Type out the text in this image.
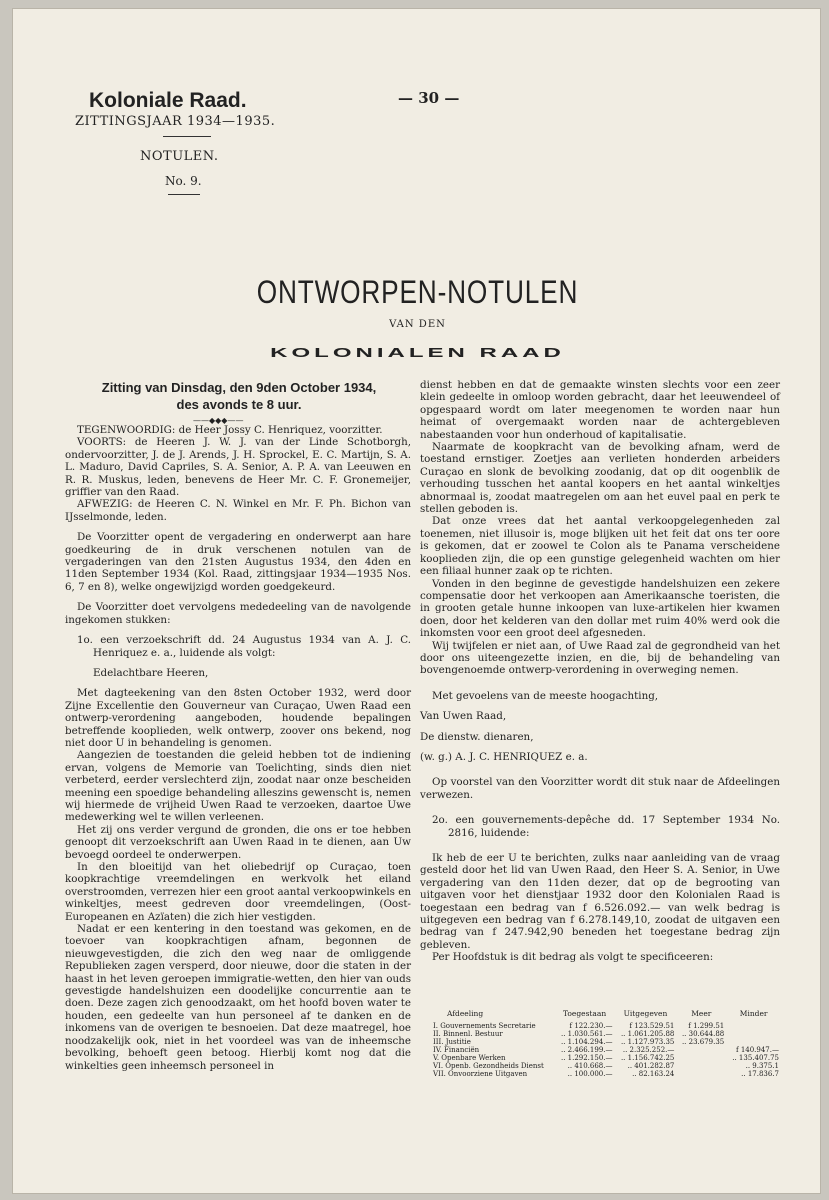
Koloniale Raad.
ZITTINGSJAAR 1934—1935.
NOTULEN.
No. 9.
— 30 —
ONTWORPEN-NOTULEN
VAN DEN
KOLONIALEN RAAD
Zitting van Dinsdag, den 9den October 1934,
des avonds te 8 uur.
——◆◆◆——

TEGENWOORDIG: de Heer Jossy C. Henriquez, voorzitter.

VOORTS: de Heeren J. W. J. van der Linde Schotborgh, ondervoorzitter, J. de J. Arends, J. H. Sprockel, E. C. Martijn, S. A. L. Maduro, David Capriles, S. A. Senior, A. P. A. van Leeuwen en R. R. Muskus, leden, benevens de Heer Mr. C. F. Gronemeijer, griffier van den Raad.

AFWEZIG: de Heeren C. N. Winkel en Mr. F. Ph. Bichon van IJsselmonde, leden.

De Voorzitter opent de vergadering en onderwerpt aan hare goedkeuring de in druk verschenen notulen van de vergaderingen van den 21sten Augustus 1934, den 4den en 11den September 1934 (Kol. Raad, zittingsjaar 1934—1935 Nos. 6, 7 en 8), welke ongewijzigd worden goedgekeurd.

De Voorzitter doet vervolgens mededeeling van de navolgende ingekomen stukken:

1o. een verzoekschrift dd. 24 Augustus 1934 van A. J. C. Henriquez e. a., luidende als volgt:

Edelachtbare Heeren,

Met dagteekening van den 8sten October 1932, werd door Zijne Excellentie den Gouverneur van Curaçao, Uwen Raad een ontwerp-verordening aangeboden, houdende bepalingen betreffende kooplieden, welk ontwerp, zoover ons bekend, nog niet door U in behandeling is genomen.

Aangezien de toestanden die geleid hebben tot de indiening ervan, volgens de Memorie van Toelichting, sinds dien niet verbeterd, eerder verslechterd zijn, zoodat naar onze bescheiden meening een spoedige behandeling alleszins gewenscht is, nemen wij hiermede de vrijheid Uwen Raad te verzoeken, daartoe Uwe medewerking wel te willen verleenen.

Het zij ons verder vergund de gronden, die ons er toe hebben genoopt dit verzoekschrift aan Uwen Raad in te dienen, aan Uw bevoegd oordeel te onderwerpen.

In den bloeitijd van het oliebedrijf op Curaçao, toen koopkrachtige vreemdelingen en werkvolk het eiland overstroomden, verrezen hier een groot aantal verkoopwinkels en winkeltjes, meest gedreven door vreemdelingen, (Oost-Europeanen en Azïaten) die zich hier vestigden.

Nadat er een kentering in den toestand was gekomen, en de toevoer van koopkrachtigen afnam, begonnen de nieuwgevestigden, die zich den weg naar de omliggende Republieken zagen versperd, door nieuwe, door die staten in der haast in het leven geroepen immigratie-wetten, den hier van ouds gevestigde handelshuizen een doodelijke concurrentie aan te doen. Deze zagen zich genoodzaakt, om het hoofd boven water te houden, een gedeelte van hun personeel af te danken en de inkomens van de overigen te besnoeien. Dat deze maatregel, hoe noodzakelijk ook, niet in het voordeel was van de inheemsche bevolking, behoeft geen betoog. Hierbij komt nog dat die winkelties geen inheemsch personeel in

dienst hebben en dat de gemaakte winsten slechts voor een zeer klein gedeelte in omloop worden gebracht, daar het leeuwendeel of opgespaard wordt om later meegenomen te worden naar hun heimat of overgemaakt worden naar de achtergebleven nabestaanden voor hun onderhoud of kapitalisatie.

Naarmate de koopkracht van de bevolking afnam, werd de toestand ernstiger. Zoetjes aan verlieten honderden arbeiders Curaçao en slonk de bevolking zoodanig, dat op dit oogenblik de verhouding tusschen het aantal koopers en het aantal winkeltjes abnormaal is, zoodat maatregelen om aan het euvel paal en perk te stellen geboden is.

Dat onze vrees dat het aantal verkoopgelegenheden zal toenemen, niet illusoir is, moge blijken uit het feit dat ons ter oore is gekomen, dat er zoowel te Colon als te Panama verscheidene kooplieden zijn, die op een gunstige gelegenheid wachten om hier een filiaal hunner zaak op te richten.

Vonden in den beginne de gevestigde handelshuizen een zekere compensatie door het verkoopen aan Amerikaansche toeristen, die in grooten getale hunne inkoopen van luxe-artikelen hier kwamen doen, door het kelderen van den dollar met ruim 40% werd ook die inkomsten voor een groot deel afgesneden.

Wij twijfelen er niet aan, of Uwe Raad zal de gegrondheid van het door ons uiteengezette inzien, en die, bij de behandeling van bovengenoemde ontwerp-verordening in overweging nemen.

Met gevoelens van de meeste hoogachting,

Van Uwen Raad,

De dienstw. dienaren,

(w. g.) A. J. C. HENRIQUEZ e. a.

Op voorstel van den Voorzitter wordt dit stuk naar de Afdeelingen verwezen.

2o. een gouvernements-depêche dd. 17 September 1934 No. 2816, luidende:

Ik heb de eer U te berichten, zulks naar aanleiding van de vraag gesteld door het lid van Uwen Raad, den Heer S. A. Senior, in Uwe vergadering van den 11den dezer, dat op de begrooting van uitgaven voor het dienstjaar 1932 door den Kolonialen Raad is toegestaan een bedrag van f 6.526.092.— van welk bedrag is uitgegeven een bedrag van f 6.278.149,10, zoodat de uitgaven een bedrag van f 247.942,90 beneden het toegestane bedrag zijn gebleven.

Per Hoofdstuk is dit bedrag als volgt te specificeeren:

Afdeeling	Toegestaan	Uitgegeven	Meer	Minder
I. Gouvernements Secretarie	f 122.230.—	f 123.529.51	f 1.299.51	
II. Binnenl. Bestuur	.. 1.030.561.—	.. 1.061.205.88	.. 30.644.88	
III. Justitie	.. 1.104.294.—	.. 1.127.973.35	.. 23.679.35	
IV. Financiën	.. 2.466.199.—	.. 2.325.252.—		f 140.947.—
V. Openbare Werken	.. 1.292.150.—	.. 1.156.742.25		.. 135.407.75
VI. Openb. Gezondheids Dienst	.. 410.668.—	.. 401.282.87		.. 9.375.1
VII. Onvoorziene Uitgaven	.. 100.000.—	.. 82.163.24		.. 17.836.7
